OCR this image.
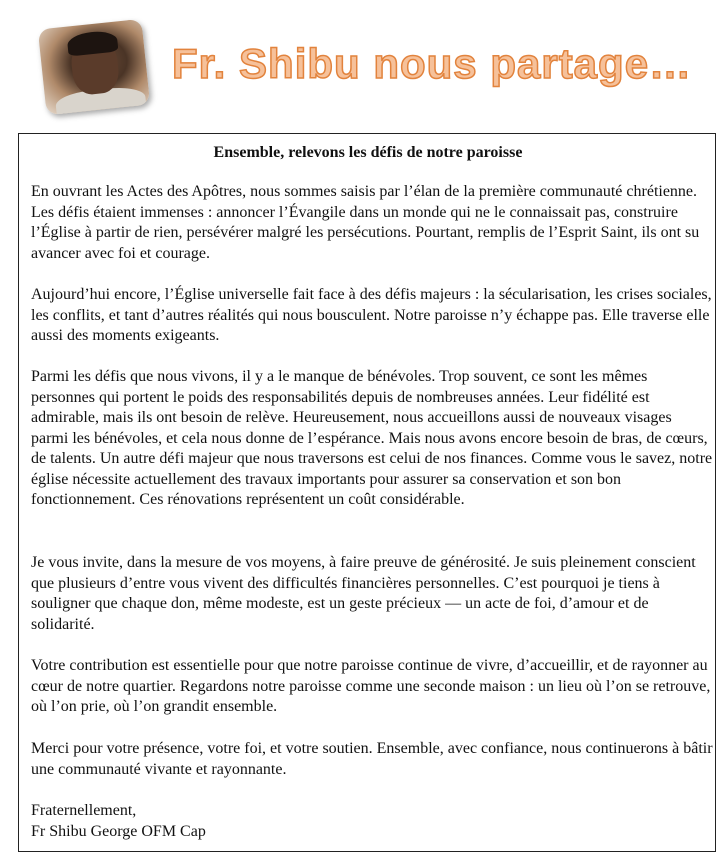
Fr. Shibu nous partage…
Ensemble, relevons les défis de notre paroisse

En ouvrant les Actes des Apôtres, nous sommes saisis par l’élan de la première communauté chrétienne. Les défis étaient immenses : annoncer l’Évangile dans un monde qui ne le connaissait pas, construire l’Église à partir de rien, persévérer malgré les persécutions. Pourtant, remplis de l’Esprit Saint, ils ont su avancer avec foi et courage.

Aujourd’hui encore, l’Église universelle fait face à des défis majeurs : la sécularisation, les crises sociales, les conflits, et tant d’autres réalités qui nous bousculent. Notre paroisse n’y échappe pas. Elle traverse elle aussi des moments exigeants.

Parmi les défis que nous vivons, il y a le manque de bénévoles. Trop souvent, ce sont les mêmes personnes qui portent le poids des responsabilités depuis de nombreuses années. Leur fidélité est admirable, mais ils ont besoin de relève. Heureusement, nous accueillons aussi de nouveaux visages parmi les bénévoles, et cela nous donne de l’espérance. Mais nous avons encore besoin de bras, de cœurs, de talents. Un autre défi majeur que nous traversons est celui de nos finances. Comme vous le savez, notre église nécessite actuellement des travaux importants pour assurer sa conservation et son bon fonctionnement. Ces rénovations représentent un coût considérable.

Je vous invite, dans la mesure de vos moyens, à faire preuve de générosité. Je suis pleinement conscient que plusieurs d’entre vous vivent des difficultés financières personnelles. C’est pourquoi je tiens à souligner que chaque don, même modeste, est un geste précieux — un acte de foi, d’amour et de solidarité.

Votre contribution est essentielle pour que notre paroisse continue de vivre, d’accueillir, et de rayonner au cœur de notre quartier. Regardons notre paroisse comme une seconde maison : un lieu où l’on se retrouve, où l’on prie, où l’on grandit ensemble.

Merci pour votre présence, votre foi, et votre soutien. Ensemble, avec confiance, nous continuerons à bâtir une communauté vivante et rayonnante.

Fraternellement,

Fr Shibu George OFM Cap
